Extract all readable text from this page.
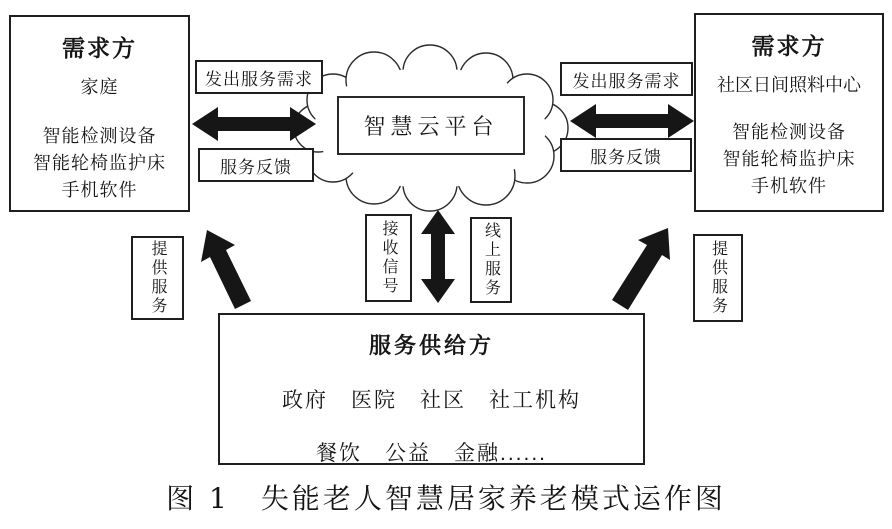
需求方
家庭
智能检测设备
智能轮椅监护床
手机软件
需求方
社区日间照料中心
智能检测设备
智能轮椅监护床
手机软件
智慧云平台
发出服务需求
服务反馈
发出服务需求
服务反馈
提供服务	接收信号	线上服务	提供服务
服务供给方
政府　医院　社区　社工机构
餐饮　公益　金融......
图 1　失能老人智慧居家养老模式运作图
